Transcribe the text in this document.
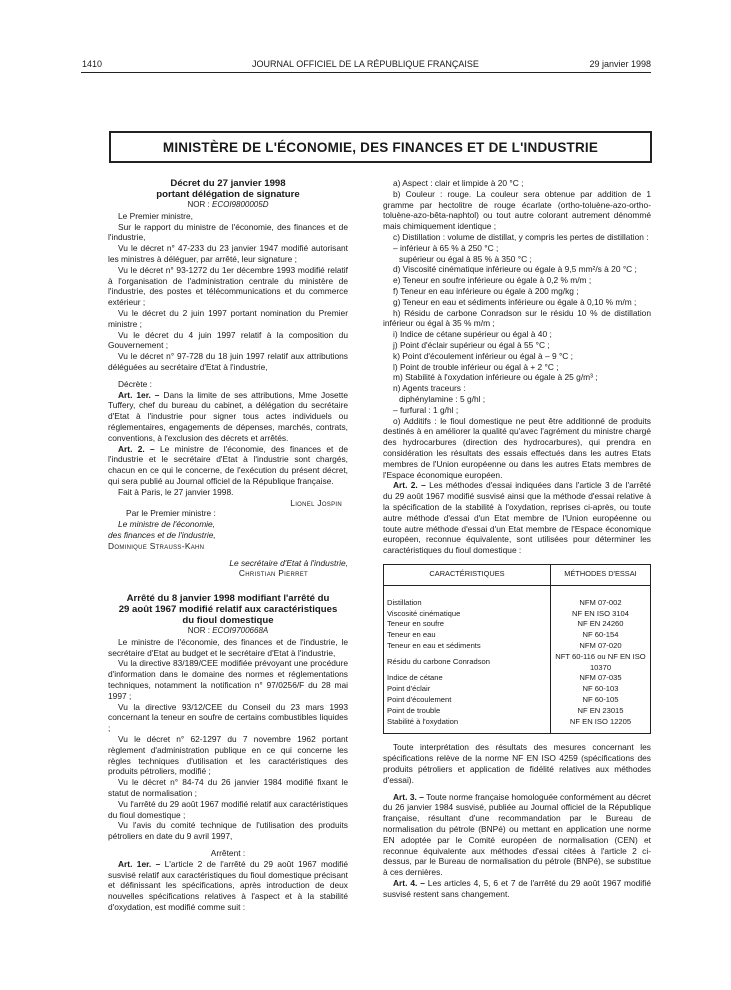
1410	JOURNAL OFFICIEL DE LA RÉPUBLIQUE FRANÇAISE	29 janvier 1998
MINISTÈRE DE L'ÉCONOMIE, DES FINANCES ET DE L'INDUSTRIE

Décret du 27 janvier 1998

portant délégation de signature

NOR : ECOI9800005D

Le Premier ministre,

Sur le rapport du ministre de l'économie, des finances et de l'industrie,

Vu le décret n° 47-233 du 23 janvier 1947 modifié autorisant les ministres à déléguer, par arrêté, leur signature ;

Vu le décret n° 93-1272 du 1er décembre 1993 modifié relatif à l'organisation de l'administration centrale du ministère de l'industrie, des postes et télécommunications et du commerce extérieur ;

Vu le décret du 2 juin 1997 portant nomination du Premier ministre ;

Vu le décret du 4 juin 1997 relatif à la composition du Gouvernement ;

Vu le décret n° 97-728 du 18 juin 1997 relatif aux attributions déléguées au secrétaire d'Etat à l'industrie,

Décrète :

Art. 1er. – Dans la limite de ses attributions, Mme Josette Tuffery, chef du bureau du cabinet, a délégation du secrétaire d'Etat à l'industrie pour signer tous actes individuels ou réglementaires, engagements de dépenses, marchés, contrats, conventions, à l'exclusion des décrets et arrêtés.

Art. 2. – Le ministre de l'économie, des finances et de l'industrie et le secrétaire d'Etat à l'industrie sont chargés, chacun en ce qui le concerne, de l'exécution du présent décret, qui sera publié au Journal officiel de la République française.

Fait à Paris, le 27 janvier 1998.

Lionel Jospin

Par le Premier ministre :

Le ministre de l'économie,

des finances et de l'industrie,

Dominique Strauss-Kahn

Le secrétaire d'Etat à l'industrie,

Christian Pierret

Arrêté du 8 janvier 1998 modifiant l'arrêté du

29 août 1967 modifié relatif aux caractéristiques

du fioul domestique

NOR : ECOI9700668A

Le ministre de l'économie, des finances et de l'industrie, le secrétaire d'Etat au budget et le secrétaire d'Etat à l'industrie,

Vu la directive 83/189/CEE modifiée prévoyant une procédure d'information dans le domaine des normes et réglementations techniques, notamment la notification n° 97/0256/F du 28 mai 1997 ;

Vu la directive 93/12/CEE du Conseil du 23 mars 1993 concernant la teneur en soufre de certains combustibles liquides ;

Vu le décret n° 62-1297 du 7 novembre 1962 portant règlement d'administration publique en ce qui concerne les règles techniques d'utilisation et les caractéristiques des produits pétroliers, modifié ;

Vu le décret n° 84-74 du 26 janvier 1984 modifié fixant le statut de normalisation ;

Vu l'arrêté du 29 août 1967 modifié relatif aux caractéristiques du fioul domestique ;

Vu l'avis du comité technique de l'utilisation des produits pétroliers en date du 9 avril 1997,

Arrêtent :

Art. 1er. – L'article 2 de l'arrêté du 29 août 1967 modifié susvisé relatif aux caractéristiques du fioul domestique précisant et définissant les spécifications, après introduction de deux nouvelles spécifications relatives à l'aspect et à la stabilité d'oxydation, est modifié comme suit :

a) Aspect : clair et limpide à 20 °C ;

b) Couleur : rouge. La couleur sera obtenue par addition de 1 gramme par hectolitre de rouge écarlate (ortho-toluène-azo-ortho-toluène-azo-bêta-naphtol) ou tout autre colorant autrement dénommé mais chimiquement identique ;

c) Distillation : volume de distillat, y compris les pertes de distillation :

– inférieur à 65 % à 250 °C ;

supérieur ou égal à 85 % à 350 °C ;

d) Viscosité cinématique inférieure ou égale à 9,5 mm²/s à 20 °C ;

e) Teneur en soufre inférieure ou égale à 0,2 % m/m ;

f) Teneur en eau inférieure ou égale à 200 mg/kg ;

g) Teneur en eau et sédiments inférieure ou égale à 0,10 % m/m ;

h) Résidu de carbone Conradson sur le résidu 10 % de distillation inférieur ou égal à 35 % m/m ;

i) Indice de cétane supérieur ou égal à 40 ;

j) Point d'éclair supérieur ou égal à 55 °C ;

k) Point d'écoulement inférieur ou égal à – 9 °C ;

l) Point de trouble inférieur ou égal à + 2 °C ;

m) Stabilité à l'oxydation inférieure ou égale à 25 g/m³ ;

n) Agents traceurs :

diphénylamine : 5 g/hl ;

– furfural : 1 g/hl ;

o) Additifs : le fioul domestique ne peut être additionné de produits destinés à en améliorer la qualité qu'avec l'agrément du ministre chargé des hydrocarbures (direction des hydrocarbures), qui prendra en considération les résultats des essais effectués dans les autres Etats membres de l'Union européenne ou dans les autres Etats membres de l'Espace économique européen.

Art. 2. – Les méthodes d'essai indiquées dans l'article 3 de l'arrêté du 29 août 1967 modifié susvisé ainsi que la méthode d'essai relative à la spécification de la stabilité à l'oxydation, reprises ci-après, ou toute autre méthode d'essai d'un Etat membre de l'Union européenne ou toute autre méthode d'essai d'un Etat membre de l'Espace économique européen, reconnue équivalente, sont utilisées pour déterminer les caractéristiques du fioul domestique :

CARACTÉRISTIQUES	MÉTHODES D'ESSAI
Distillation	NFM 07-002
Viscosité cinématique	NF EN ISO 3104
Teneur en soufre	NF EN 24260
Teneur en eau	NF 60-154
Teneur en eau et sédiments	NFM 07-020
Résidu du carbone Conradson	NFT 60-116 ou NF EN ISO 10370
Indice de cétane	NFM 07-035
Point d'éclair	NF 60-103
Point d'écoulement	NF 60-105
Point de trouble	NF EN 23015
Stabilité à l'oxydation	NF EN ISO 12205

Toute interprétation des résultats des mesures concernant les spécifications relève de la norme NF EN ISO 4259 (spécifications des produits pétroliers et application de fidélité relatives aux méthodes d'essai).

Art. 3. – Toute norme française homologuée conformément au décret du 26 janvier 1984 susvisé, publiée au Journal officiel de la République française, résultant d'une recommandation par le Bureau de normalisation du pétrole (BNPé) ou mettant en application une norme EN adoptée par le Comité européen de normalisation (CEN) et reconnue équivalente aux méthodes d'essai citées à l'article 2 ci-dessus, par le Bureau de normalisation du pétrole (BNPé), se substitue à ces dernières.

Art. 4. – Les articles 4, 5, 6 et 7 de l'arrêté du 29 août 1967 modifié susvisé restent sans changement.
